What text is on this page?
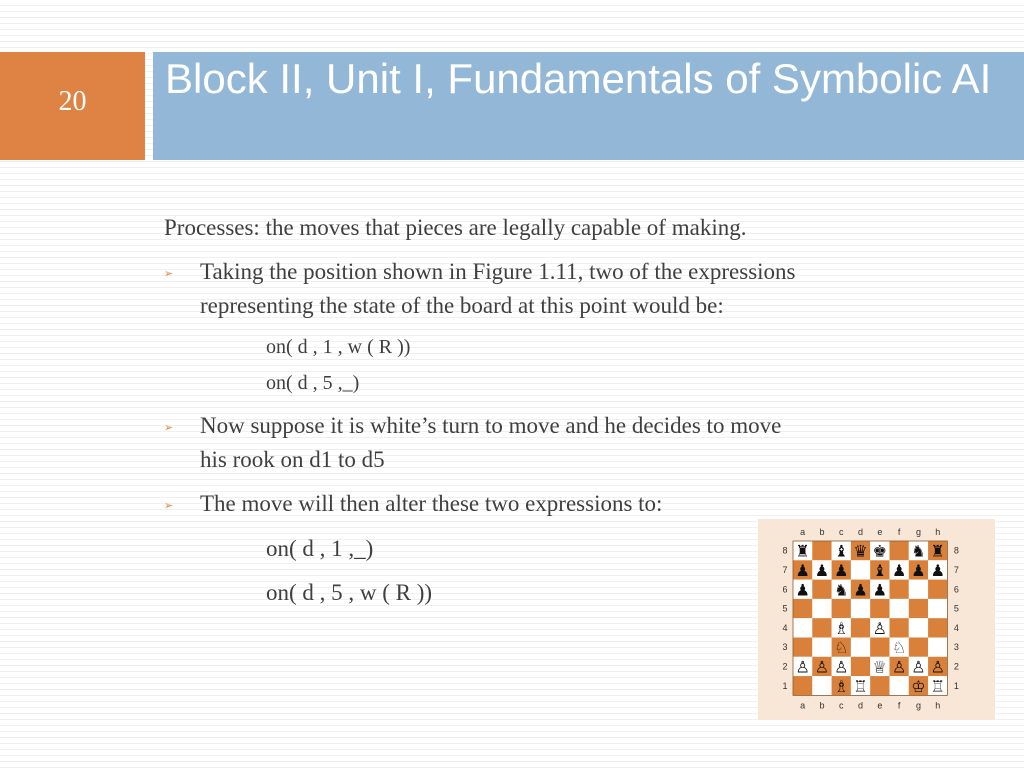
20	Block II, Unit I, Fundamentals of Symbolic AI
Processes: the moves that pieces are legally capable of making.
➢ Taking the position shown in Figure 1.11, two of the expressions
representing the state of the board at this point would be:
on( d , 1 , w ( R ))
on( d , 5 ,_)
➢ Now suppose it is white’s turn to move and he decides to move
his rook on d1 to d5
➢ The move will then alter these two expressions to:
on( d , 1 ,_)
on( d , 5 , w ( R ))
a
a
b
b
c
c
d
d
e
e
f
f
g
g
h
h
8	8
7	7
6	6
5	5
4	4
3	3
2	2
1	1
♜ ♝ ♛ ♚ ♞ ♜
♟ ♟ ♟ ♝ ♟ ♟ ♟
♟ ♞ ♟ ♟
♗ ♙
♘	♘
♙ ♙ ♙ ♕ ♙ ♙ ♙
♗ ♖	♔ ♖
